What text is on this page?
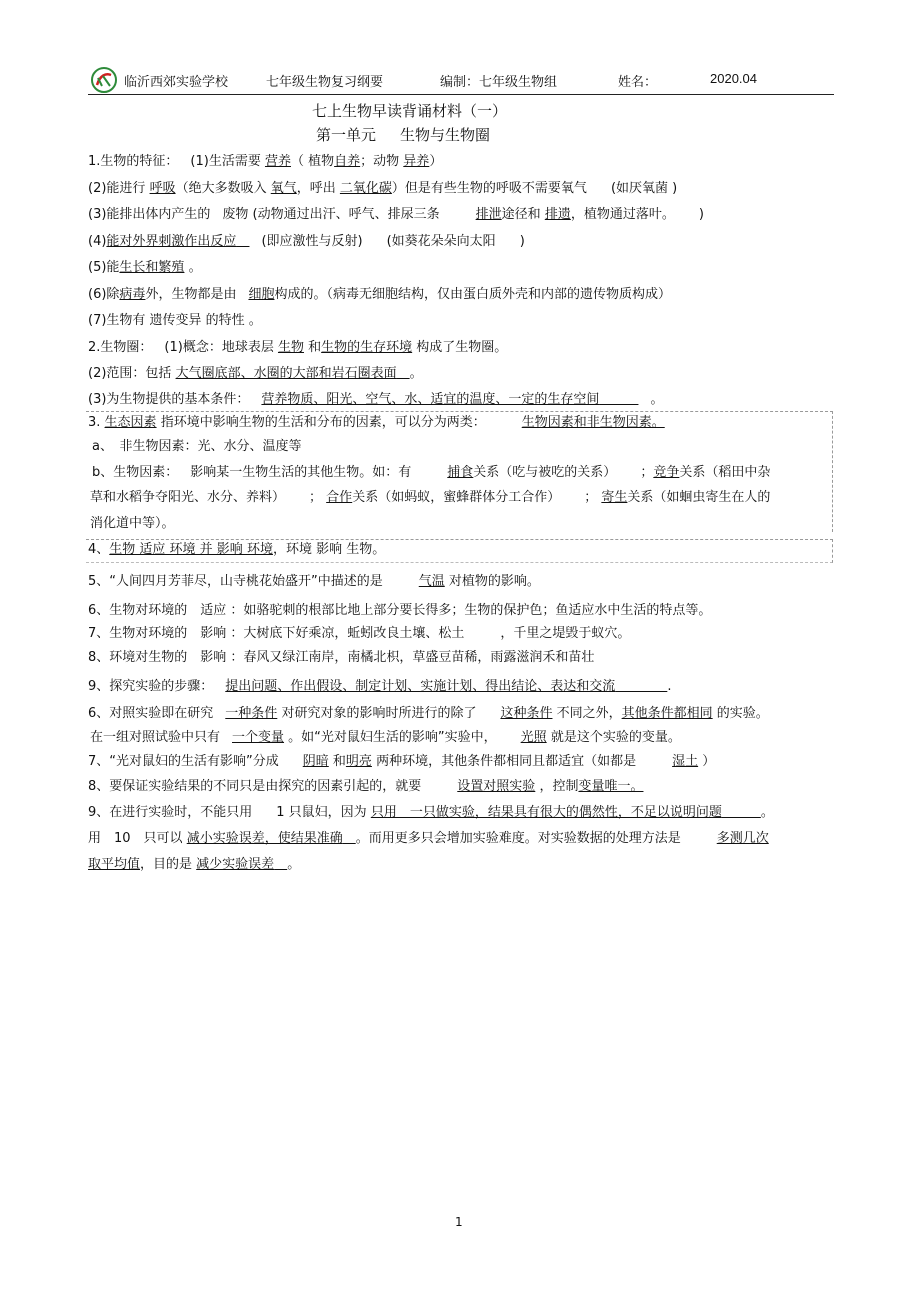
临沂西郊实验学校	七年级生物复习纲要	编制：七年级生物组	姓名：	2020.04
七上生物早读背诵材料（一）
第一单元 生物与生物圈
1.生物的特征： (1)生活需要 营养（ 植物自养；动物 异养）
(2)能进行 呼吸（绝大多数吸入 氧气，呼出 二氧化碳）但是有些生物的呼吸不需要氧气 (如厌氧菌 )
(3)能排出体内产生的 废物 (动物通过出汗、呼气、排尿三条	排泄途径和 排遗，植物通过落叶。 )
(4)能对外界刺激作出反应　 (即应激性与反射) (如葵花朵朵向太阳 )
(5)能生长和繁殖 。
(6)除病毒外，生物都是由 细胞构成的。（病毒无细胞结构，仅由蛋白质外壳和内部的遗传物质构成）
(7)生物有 遗传变异 的特性 。
2.生物圈： (1)概念：地球表层 生物 和生物的生存环境 构成了生物圈。
(2)范围：包括 大气圈底部、水圈的大部和岩石圈表面　 。
(3)为生物提供的基本条件： 营养物质、阳光、空气、水、适宜的温度、一定的生存空间　　　	。
3. 生态因素 指环境中影响生物的生活和分布的因素，可以分为两类：	生物因素和非生物因素。
a、　非生物因素：光、水分、温度等
b、生物因素： 影响某一生物生活的其他生物。如：有	捕食关系（吃与被吃的关系） ；竞争关系（稻田中杂
草和水稻争夺阳光、水分、养料） ； 合作关系（如蚂蚁，蜜蜂群体分工合作） ； 寄生关系（如蛔虫寄生在人的
消化道中等）。
4、生物 适应 环境 并 影响 环境，环境 影响 生物。
5、“人间四月芳菲尽，山寺桃花始盛开”中描述的是	气温 对植物的影响。
6、生物对环境的　适应 ：如骆驼刺的根部比地上部分要长得多；生物的保护色；鱼适应水中生活的特点等。
7、生物对环境的　影响 ：大树底下好乘凉，蚯蚓改良土壤、松土	，千里之堤毁于蚁穴。
8、环境对生物的　影响 ：春风又绿江南岸，南橘北枳，草盛豆苗稀，雨露滋润禾和苗壮
9、探究实验的步骤： 提出问题、作出假设、制定计划、实施计划、得出结论、表达和交流　　　　	.
6、对照实验即在研究 一种条件 对研究对象的影响时所进行的除了 这种条件 不同之外，其他条件都相同 的实验。
在一组对照试验中只有 一个变量 。如“光对鼠妇生活的影响”实验中， 光照 就是这个实验的变量。
7、“光对鼠妇的生活有影响”分成 阴暗 和明亮 两种环境，其他条件都相同且都适宜（如都是	湿土 ）
8、要保证实验结果的不同只是由探究的因素引起的，就要	设置对照实验 ，控制变量唯一。
9、在进行实验时，不能只用 1 只鼠妇，因为 只用　一只做实验，结果具有很大的偶然性，不足以说明问题　　　	。
用　10　只可以 减小实验误差，使结果准确　 。而用更多只会增加实验难度。对实验数据的处理方法是	多测几次
取平均值，目的是 减少实验误差　 。
1
